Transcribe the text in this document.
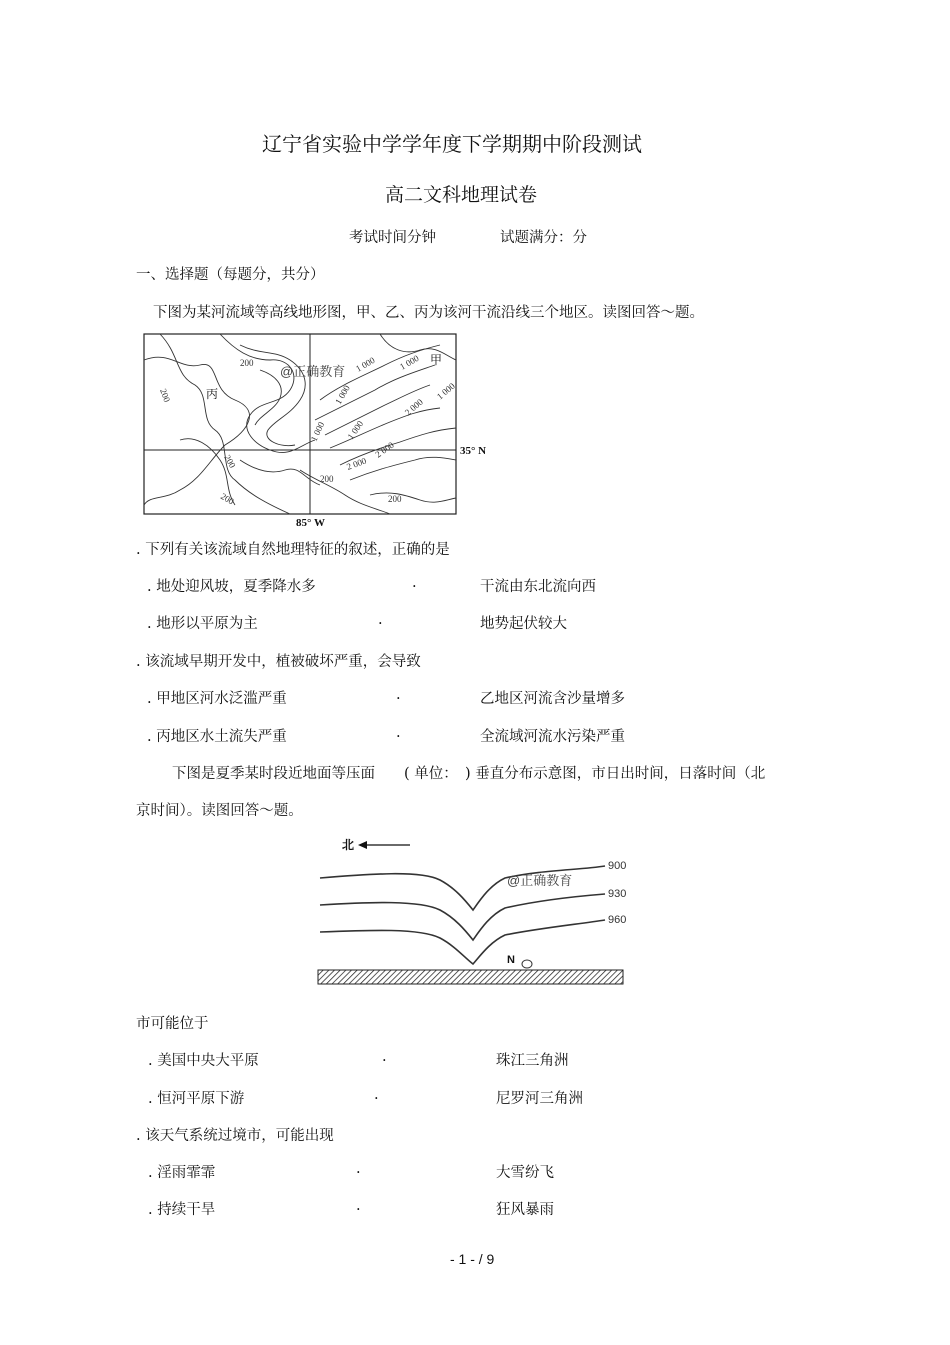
辽宁省实验中学学年度下学期期中阶段测试
高二文科地理试卷
考试时间分钟	试题满分：分
一、选择题（每题分，共分）
下图为某河流域等高线地形图，甲、乙、丙为该河干流沿线三个地区。读图回答～题。
200
200
200
200
200
200
1 000
1 000
1 000
1 000 1 000
1 000
2 000
2 000
2 000
甲
丙
35° N
85° W
@正确教育
. 下列有关该流域自然地理特征的叙述，正确的是
. 地处迎风坡，夏季降水多	.	干流由东北流向西
. 地形以平原为主	.	地势起伏较大
. 该流域早期开发中，植被破坏严重，会导致
. 甲地区河水泛滥严重	.	乙地区河流含沙量增多
. 丙地区水土流失严重	.	全流域河流水污染严重
下图是夏季某时段近地面等压面　　( 单位：　) 垂直分布示意图，市日出时间，日落时间（北
京时间）。读图回答～题。
北
900
930
960
@正确教育
N
市可能位于
. 美国中央大平原	.	珠江三角洲
. 恒河平原下游	.	尼罗河三角洲
. 该天气系统过境市，可能出现
. 淫雨霏霏	.	大雪纷飞
. 持续干旱	.	狂风暴雨
- 1 - / 9
